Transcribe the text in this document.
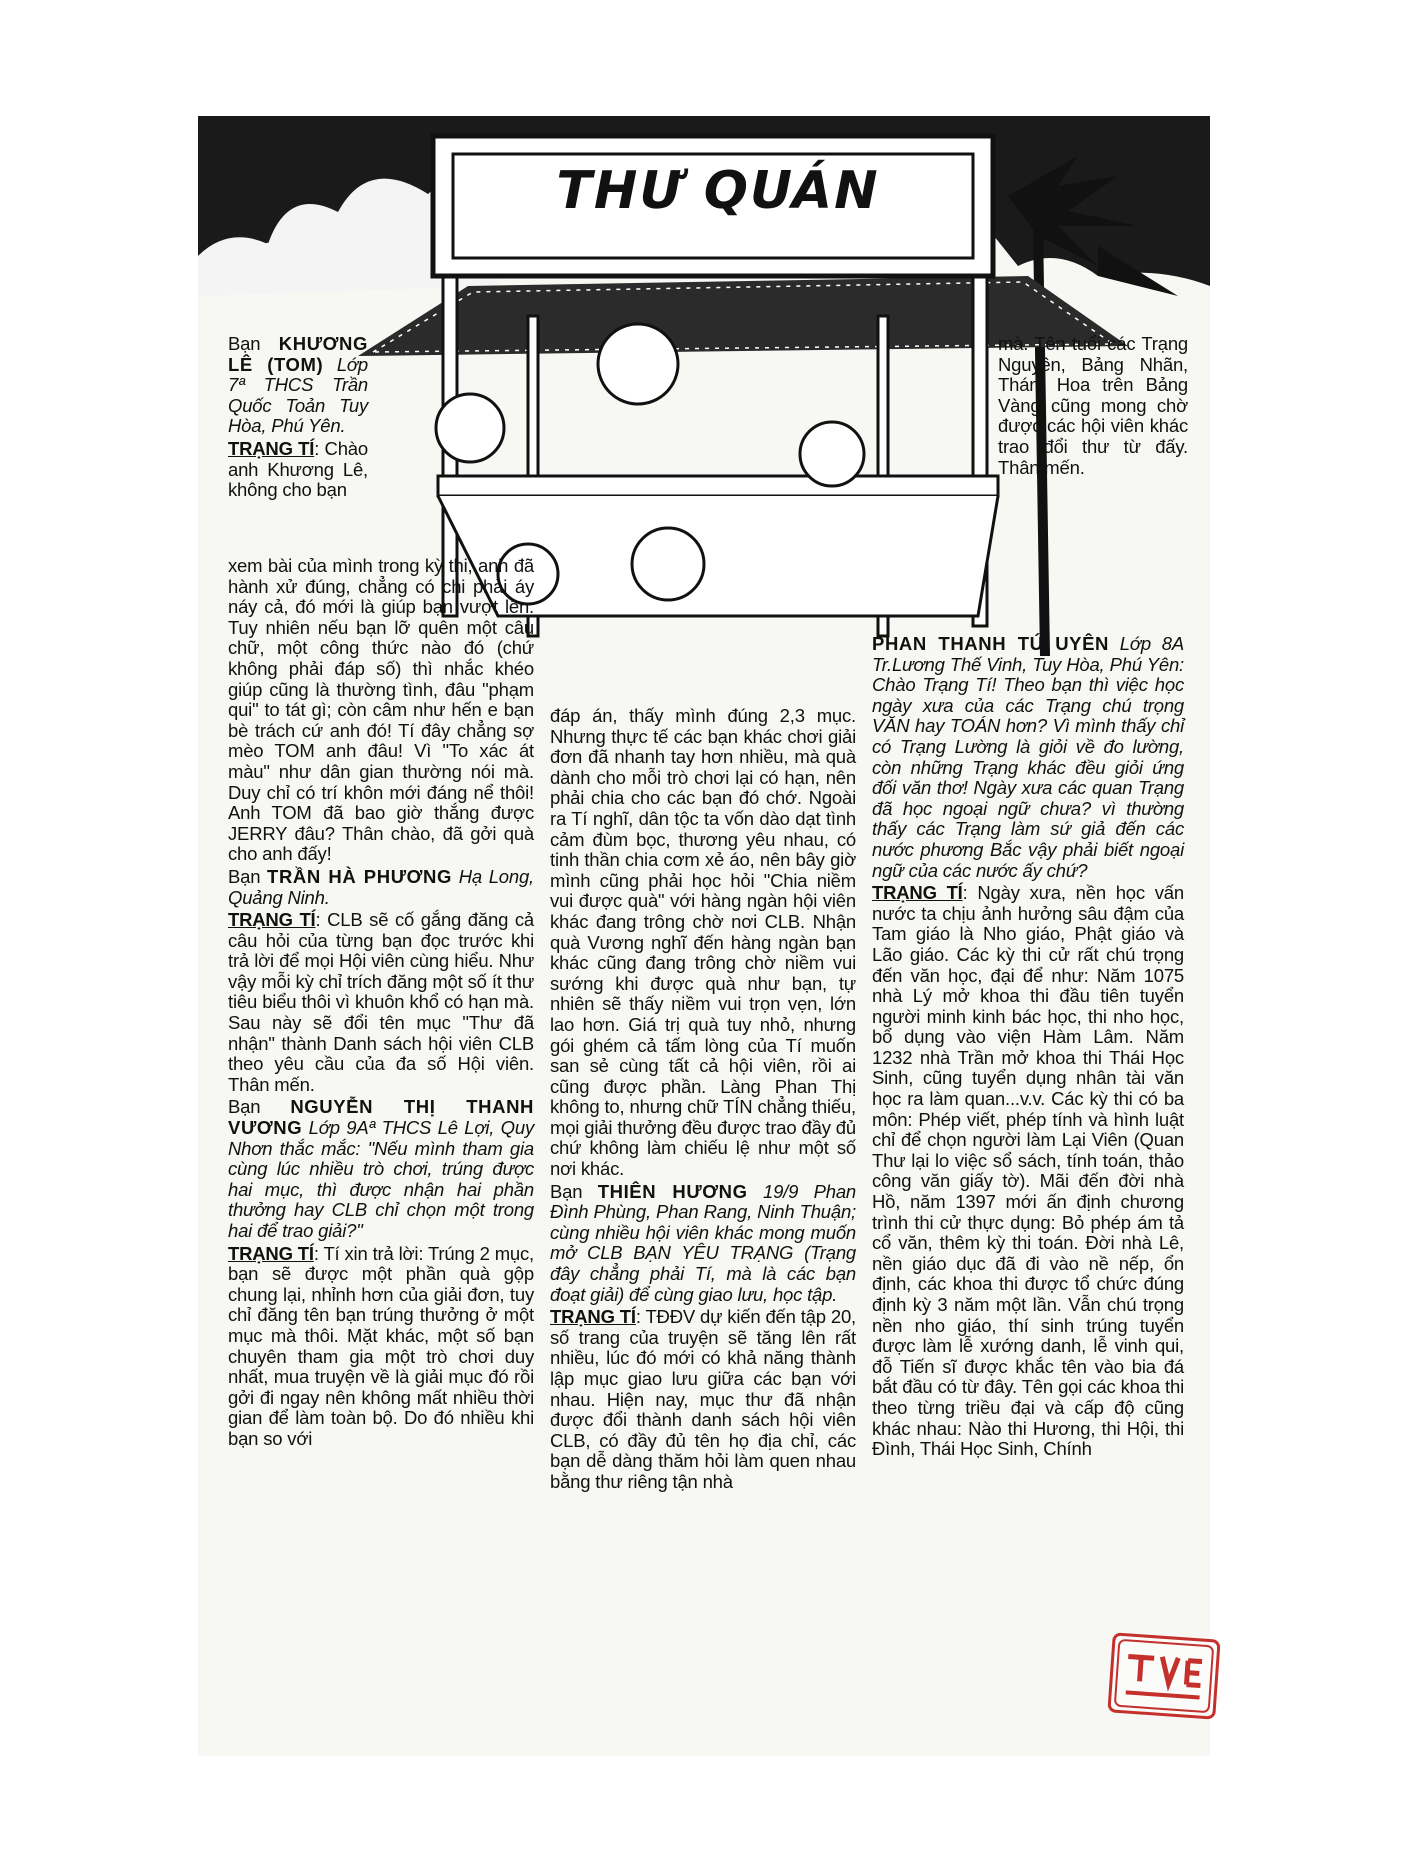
THƯ QUÁN

Bạn KHƯƠNG LÊ (TOM) Lớp 7ª THCS Trần Quốc Toản Tuy Hòa, Phú Yên.

TRẠNG TÍ: Chào anh Khương Lê, không cho bạn

xem bài của mình trong kỳ thi, anh đã hành xử đúng, chẳng có chi phải áy náy cả, đó mới là giúp bạn vượt lên. Tuy nhiên nếu bạn lỡ quên một câu chữ, một công thức nào đó (chứ không phải đáp số) thì nhắc khéo giúp cũng là thường tình, đâu "phạm qui" to tát gì; còn câm như hến e bạn bè trách cứ anh đó! Tí đây chẳng sợ mèo TOM anh đâu! Vì "To xác át màu" như dân gian thường nói mà. Duy chỉ có trí khôn mới đáng nể thôi! Anh TOM đã bao giờ thắng được JERRY đâu? Thân chào, đã gởi quà cho anh đấy!

Bạn TRẦN HÀ PHƯƠNG Hạ Long, Quảng Ninh.

TRẠNG TÍ: CLB sẽ cố gắng đăng cả câu hỏi của từng bạn đọc trước khi trả lời để mọi Hội viên cùng hiểu. Như vậy mỗi kỳ chỉ trích đăng một số ít thư tiêu biểu thôi vì khuôn khổ có hạn mà. Sau này sẽ đổi tên mục "Thư đã nhận" thành Danh sách hội viên CLB theo yêu cầu của đa số Hội viên. Thân mến.

Bạn NGUYỄN THỊ THANH VƯƠNG Lớp 9Aª THCS Lê Lợi, Quy Nhơn thắc mắc: "Nếu mình tham gia cùng lúc nhiều trò chơi, trúng được hai mục, thì được nhận hai phần thưởng hay CLB chỉ chọn một trong hai để trao giải?"

TRẠNG TÍ: Tí xin trả lời: Trúng 2 mục, bạn sẽ được một phần quà gộp chung lại, nhỉnh hơn của giải đơn, tuy chỉ đăng tên bạn trúng thưởng ở một mục mà thôi. Mặt khác, một số bạn chuyên tham gia một trò chơi duy nhất, mua truyện về là giải mục đó rồi gởi đi ngay nên không mất nhiều thời gian để làm toàn bộ. Do đó nhiều khi bạn so với

đáp án, thấy mình đúng 2,3 mục. Nhưng thực tế các bạn khác chơi giải đơn đã nhanh tay hơn nhiều, mà quà dành cho mỗi trò chơi lại có hạn, nên phải chia cho các bạn đó chớ. Ngoài ra Tí nghĩ, dân tộc ta vốn dào dạt tình cảm đùm bọc, thương yêu nhau, có tinh thần chia cơm xẻ áo, nên bây giờ mình cũng phải học hỏi "Chia niềm vui được quà" với hàng ngàn hội viên khác đang trông chờ nơi CLB. Nhận quà Vương nghĩ đến hàng ngàn bạn khác cũng đang trông chờ niềm vui sướng khi được quà như bạn, tự nhiên sẽ thấy niềm vui trọn vẹn, lớn lao hơn. Giá trị quà tuy nhỏ, nhưng gói ghém cả tấm lòng của Tí muốn san sẻ cùng tất cả hội viên, rồi ai cũng được phần. Làng Phan Thị không to, nhưng chữ TÍN chẳng thiếu, mọi giải thưởng đều được trao đầy đủ chứ không làm chiếu lệ như một số nơi khác.

Bạn THIÊN HƯƠNG 19/9 Phan Đình Phùng, Phan Rang, Ninh Thuận; cùng nhiều hội viên khác mong muốn mở CLB BẠN YÊU TRẠNG (Trạng đây chẳng phải Tí, mà là các bạn đoạt giải) để cùng giao lưu, học tập.

TRẠNG TÍ: TĐĐV dự kiến đến tập 20, số trang của truyện sẽ tăng lên rất nhiều, lúc đó mới có khả năng thành lập mục giao lưu giữa các bạn với nhau. Hiện nay, mục thư đã nhận được đổi thành danh sách hội viên CLB, có đầy đủ tên họ địa chỉ, các bạn dễ dàng thăm hỏi làm quen nhau bằng thư riêng tận nhà

mà. Tên tuổi các Trạng Nguyên, Bảng Nhãn, Thám Hoa trên Bảng Vàng cũng mong chờ được các hội viên khác trao đổi thư từ đấy. Thân mến.

PHAN THANH TÚ UYÊN Lớp 8A Tr.Lương Thế Vinh, Tuy Hòa, Phú Yên: Chào Trạng Tí! Theo bạn thì việc học ngày xưa của các Trạng chú trọng VĂN hay TOÁN hơn? Vì mình thấy chỉ có Trạng Lường là giỏi về đo lường, còn những Trạng khác đều giỏi ứng đối văn thơ! Ngày xưa các quan Trạng đã học ngoại ngữ chưa? vì thường thấy các Trạng làm sứ giả đến các nước phương Bắc vậy phải biết ngoại ngữ của các nước ấy chứ?

TRẠNG TÍ: Ngày xưa, nền học vấn nước ta chịu ảnh hưởng sâu đậm của Tam giáo là Nho giáo, Phật giáo và Lão giáo. Các kỳ thi cử rất chú trọng đến văn học, đại để như: Năm 1075 nhà Lý mở khoa thi đầu tiên tuyển người minh kinh bác học, thi nho học, bổ dụng vào viện Hàm Lâm. Năm 1232 nhà Trần mở khoa thi Thái Học Sinh, cũng tuyển dụng nhân tài văn học ra làm quan...v.v. Các kỳ thi có ba môn: Phép viết, phép tính và hình luật chỉ để chọn người làm Lại Viên (Quan Thư lại lo việc sổ sách, tính toán, thảo công văn giấy tờ). Mãi đến đời nhà Hồ, năm 1397 mới ấn định chương trình thi cử thực dụng: Bỏ phép ám tả cổ văn, thêm kỳ thi toán. Đời nhà Lê, nền giáo dục đã đi vào nề nếp, ổn định, các khoa thi được tổ chức đúng định kỳ 3 năm một lần. Vẫn chú trọng nền nho giáo, thí sinh trúng tuyển được làm lễ xướng danh, lễ vinh qui, đỗ Tiến sĩ được khắc tên vào bia đá bắt đầu có từ đây. Tên gọi các khoa thi theo từng triều đại và cấp độ cũng khác nhau: Nào thi Hương, thi Hội, thi Đình, Thái Học Sinh, Chính
